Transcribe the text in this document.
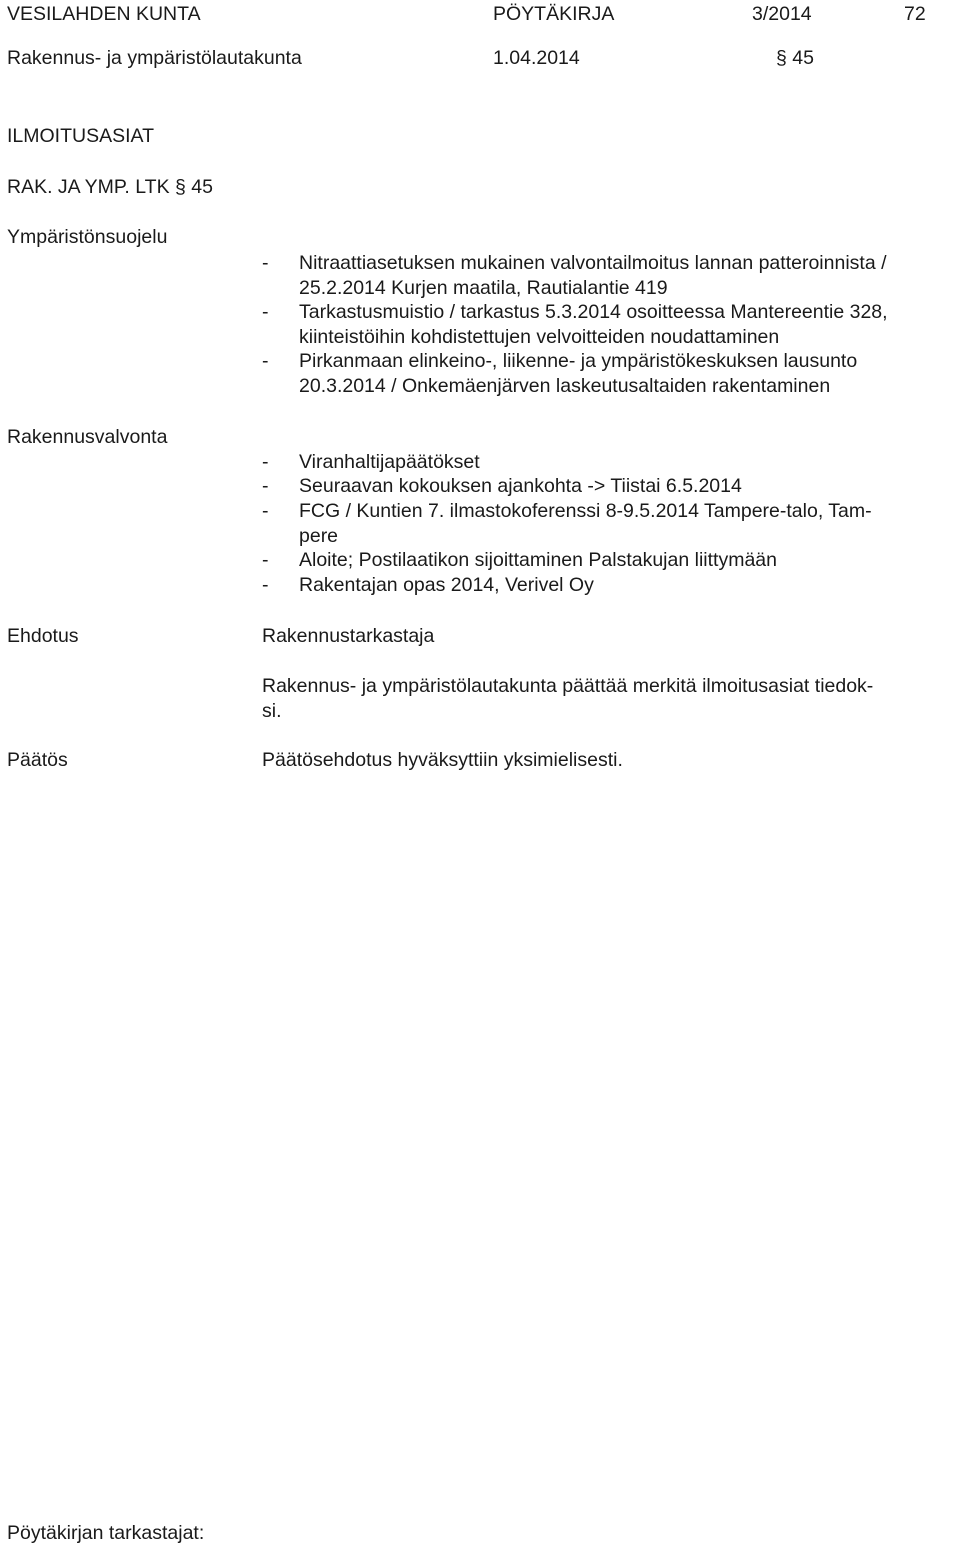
VESILAHDEN KUNTA	PÖYTÄKIRJA	3/2014	72
Rakennus- ja ympäristölautakunta	1.04.2014	§ 45
ILMOITUSASIAT
RAK. JA YMP. LTK § 45
Ympäristönsuojelu
- Nitraattiasetuksen mukainen valvontailmoitus lannan patteroinnista /
25.2.2014 Kurjen maatila, Rautialantie 419
- Tarkastusmuistio / tarkastus 5.3.2014 osoitteessa Mantereentie 328,
kiinteistöihin kohdistettujen velvoitteiden noudattaminen
- Pirkanmaan elinkeino-, liikenne- ja ympäristökeskuksen lausunto
20.3.2014 / Onkemäenjärven laskeutusaltaiden rakentaminen
Rakennusvalvonta
- Viranhaltijapäätökset
- Seuraavan kokouksen ajankohta -> Tiistai 6.5.2014
- FCG / Kuntien 7. ilmastokoferenssi 8-9.5.2014 Tampere-talo, Tam-
pere
- Aloite; Postilaatikon sijoittaminen Palstakujan liittymään
- Rakentajan opas 2014, Verivel Oy
Ehdotus	Rakennustarkastaja
Rakennus- ja ympäristölautakunta päättää merkitä ilmoitusasiat tiedok-
si.
Päätös	Päätösehdotus hyväksyttiin yksimielisesti.
Pöytäkirjan tarkastajat:
